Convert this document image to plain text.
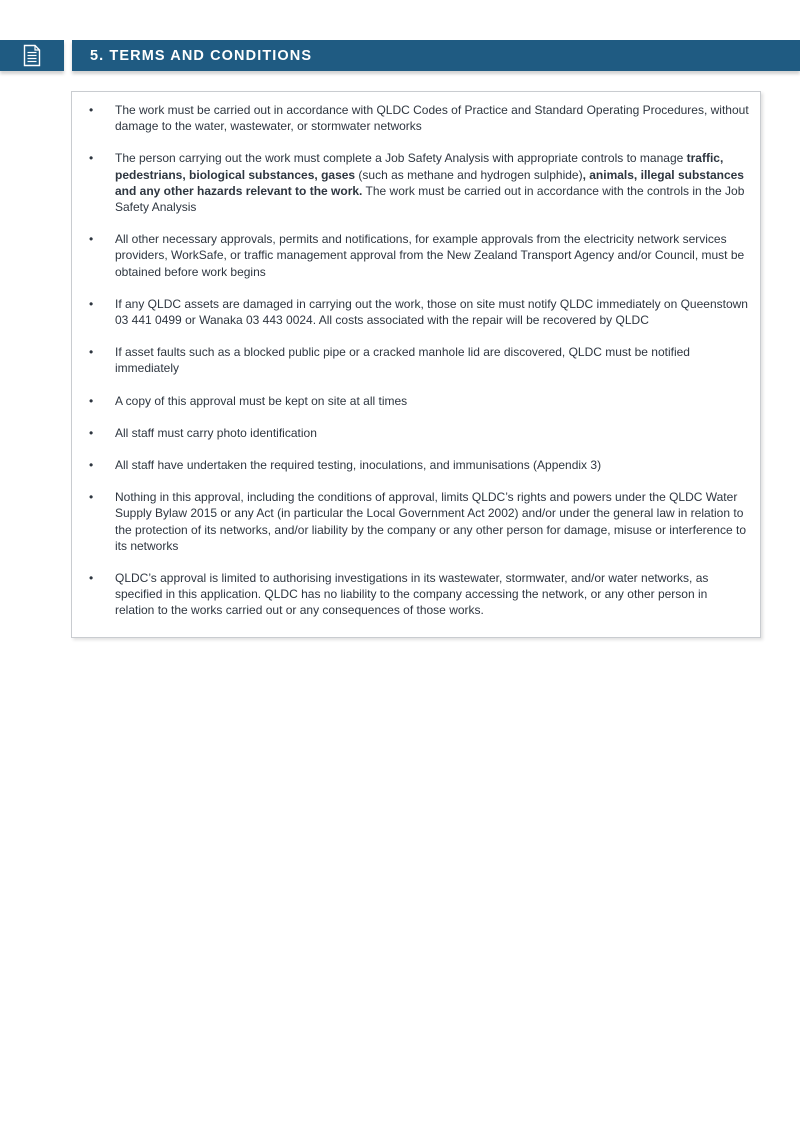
5. TERMS AND CONDITIONS
• The work must be carried out in accordance with QLDC Codes of Practice and Standard Operating Procedures, without damage to the water, wastewater, or stormwater networks
• The person carrying out the work must complete a Job Safety Analysis with appropriate controls to manage traffic, pedestrians, biological substances, gases (such as methane and hydrogen sulphide), animals, illegal substances and any other hazards relevant to the work. The work must be carried out in accordance with the controls in the Job Safety Analysis
• All other necessary approvals, permits and notifications, for example approvals from the electricity network services providers, WorkSafe, or traffic management approval from the New Zealand Transport Agency and/or Council, must be obtained before work begins
• If any QLDC assets are damaged in carrying out the work, those on site must notify QLDC immediately on Queenstown 03 441 0499 or Wanaka 03 443 0024. All costs associated with the repair will be recovered by QLDC
• If asset faults such as a blocked public pipe or a cracked manhole lid are discovered, QLDC must be notified immediately
• A copy of this approval must be kept on site at all times
• All staff must carry photo identification
• All staff have undertaken the required testing, inoculations, and immunisations (Appendix 3)
• Nothing in this approval, including the conditions of approval, limits QLDC’s rights and powers under the QLDC Water Supply Bylaw 2015 or any Act (in particular the Local Government Act 2002) and/or under the general law in relation to the protection of its networks, and/or liability by the company or any other person for damage, misuse or interference to its networks
• QLDC’s approval is limited to authorising investigations in its wastewater, stormwater, and/or water networks, as specified in this application. QLDC has no liability to the company accessing the network, or any other person in relation to the works carried out or any consequences of those works.
